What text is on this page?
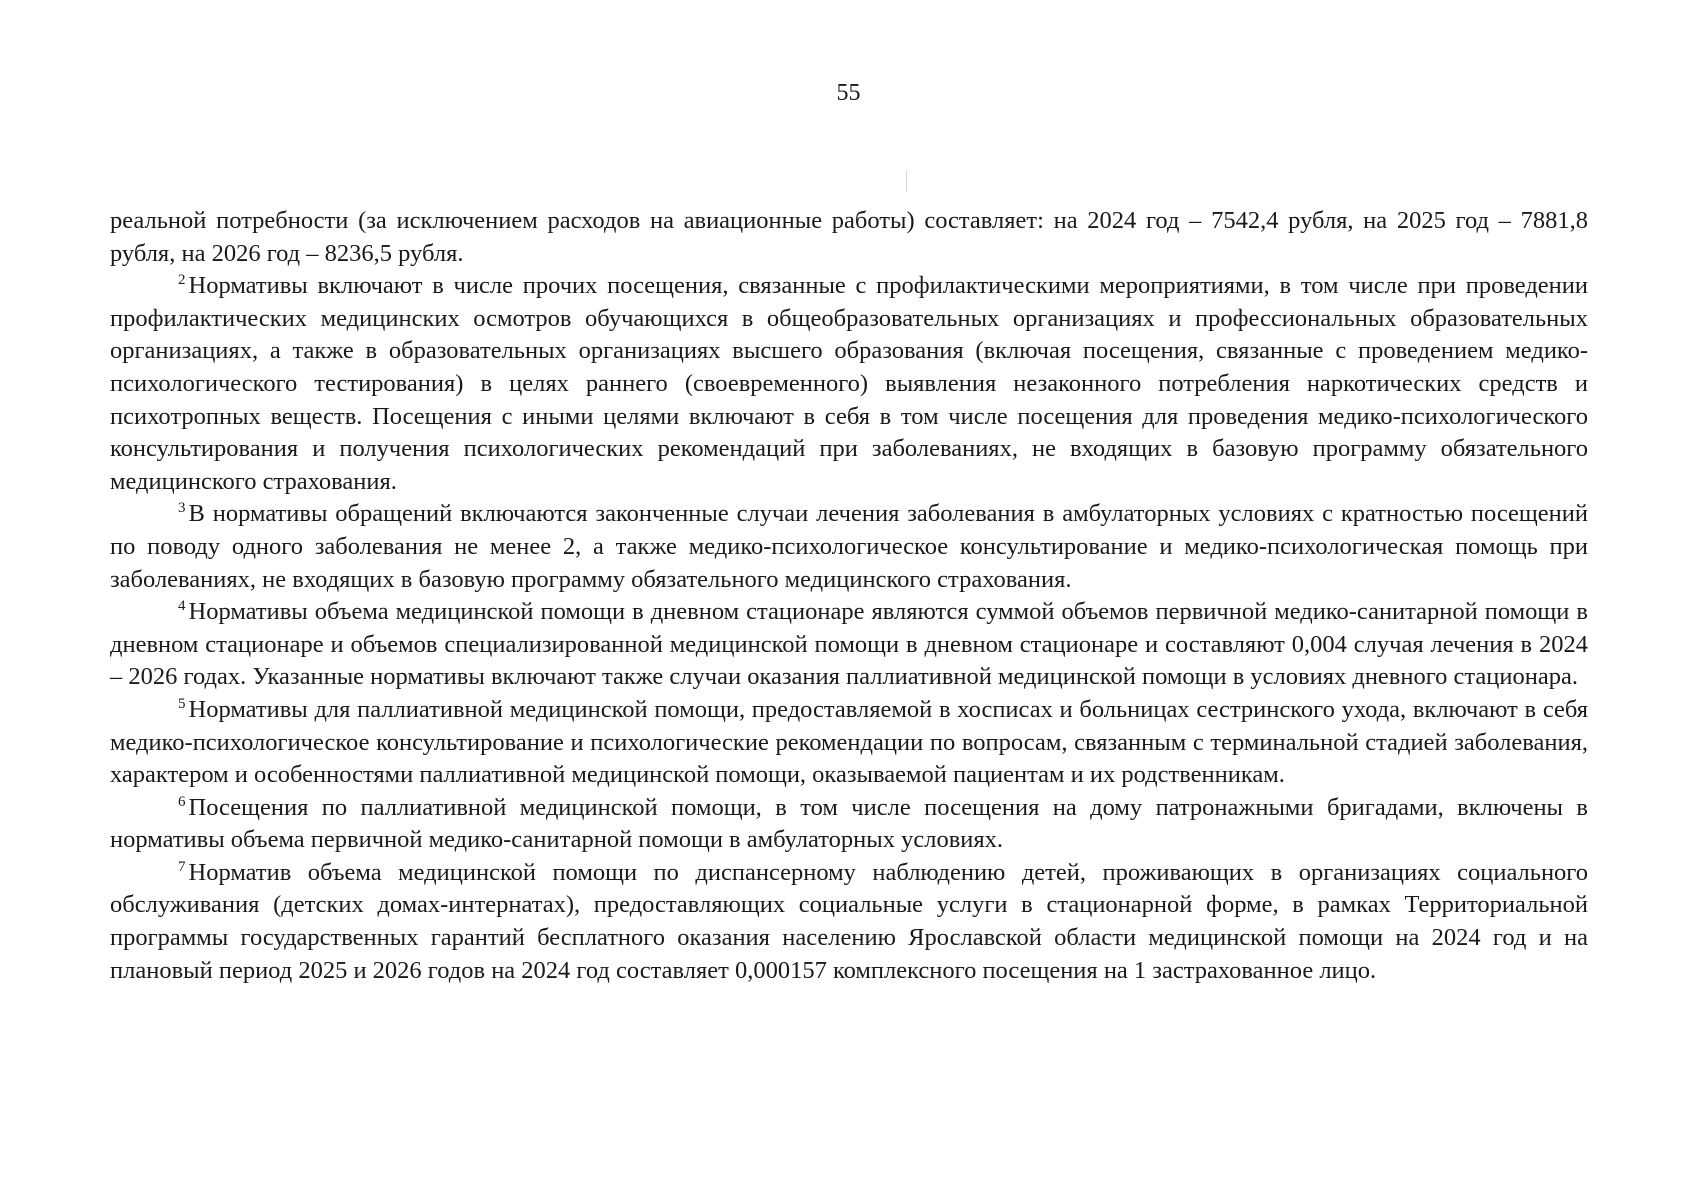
55

реальной потребности (за исключением расходов на авиационные работы) составляет: на 2024 год – 7542,4 рубля, на 2025 год – 7881,8 рубля, на 2026 год – 8236,5 рубля.

$^2$ Нормативы включают в числе прочих посещения, связанные с профилактическими мероприятиями, в том числе при проведении профилактических медицинских осмотров обучающихся в общеобразовательных организациях и профессиональных образовательных организациях, а также в образовательных организациях высшего образования (включая посещения, связанные с проведением медико-психологического тестирования) в целях раннего (своевременного) выявления незаконного потребления наркотических средств и психотропных веществ. Посещения с иными целями включают в себя в том числе посещения для проведения медико-психологического консультирования и получения психологических рекомендаций при заболеваниях, не входящих в базовую программу обязательного медицинского страхования.

$^3$ В нормативы обращений включаются законченные случаи лечения заболевания в амбулаторных условиях с кратностью посещений по поводу одного заболевания не менее 2, а также медико-психологическое консультирование и медико-психологическая помощь при заболеваниях, не входящих в базовую программу обязательного медицинского страхования.

$^4$ Нормативы объема медицинской помощи в дневном стационаре являются суммой объемов первичной медико-санитарной помощи в дневном стационаре и объемов специализированной медицинской помощи в дневном стационаре и составляют 0,004 случая лечения в 2024 – 2026 годах. Указанные нормативы включают также случаи оказания паллиативной медицинской помощи в условиях дневного стационара.

$^5$ Нормативы для паллиативной медицинской помощи, предоставляемой в хосписах и больницах сестринского ухода, включают в себя медико-психологическое консультирование и психологические рекомендации по вопросам, связанным с терминальной стадией заболевания, характером и особенностями паллиативной медицинской помощи, оказываемой пациентам и их родственникам.

$^6$ Посещения по паллиативной медицинской помощи, в том числе посещения на дому патронажными бригадами, включены в нормативы объема первичной медико-санитарной помощи в амбулаторных условиях.

$^7$ Норматив объема медицинской помощи по диспансерному наблюдению детей, проживающих в организациях социального обслуживания (детских домах-интернатах), предоставляющих социальные услуги в стационарной форме, в рамках Территориальной программы государственных гарантий бесплатного оказания населению Ярославской области медицинской помощи на 2024 год и на плановый период 2025 и 2026 годов на 2024 год составляет 0,000157 комплексного посещения на 1 застрахованное лицо.
